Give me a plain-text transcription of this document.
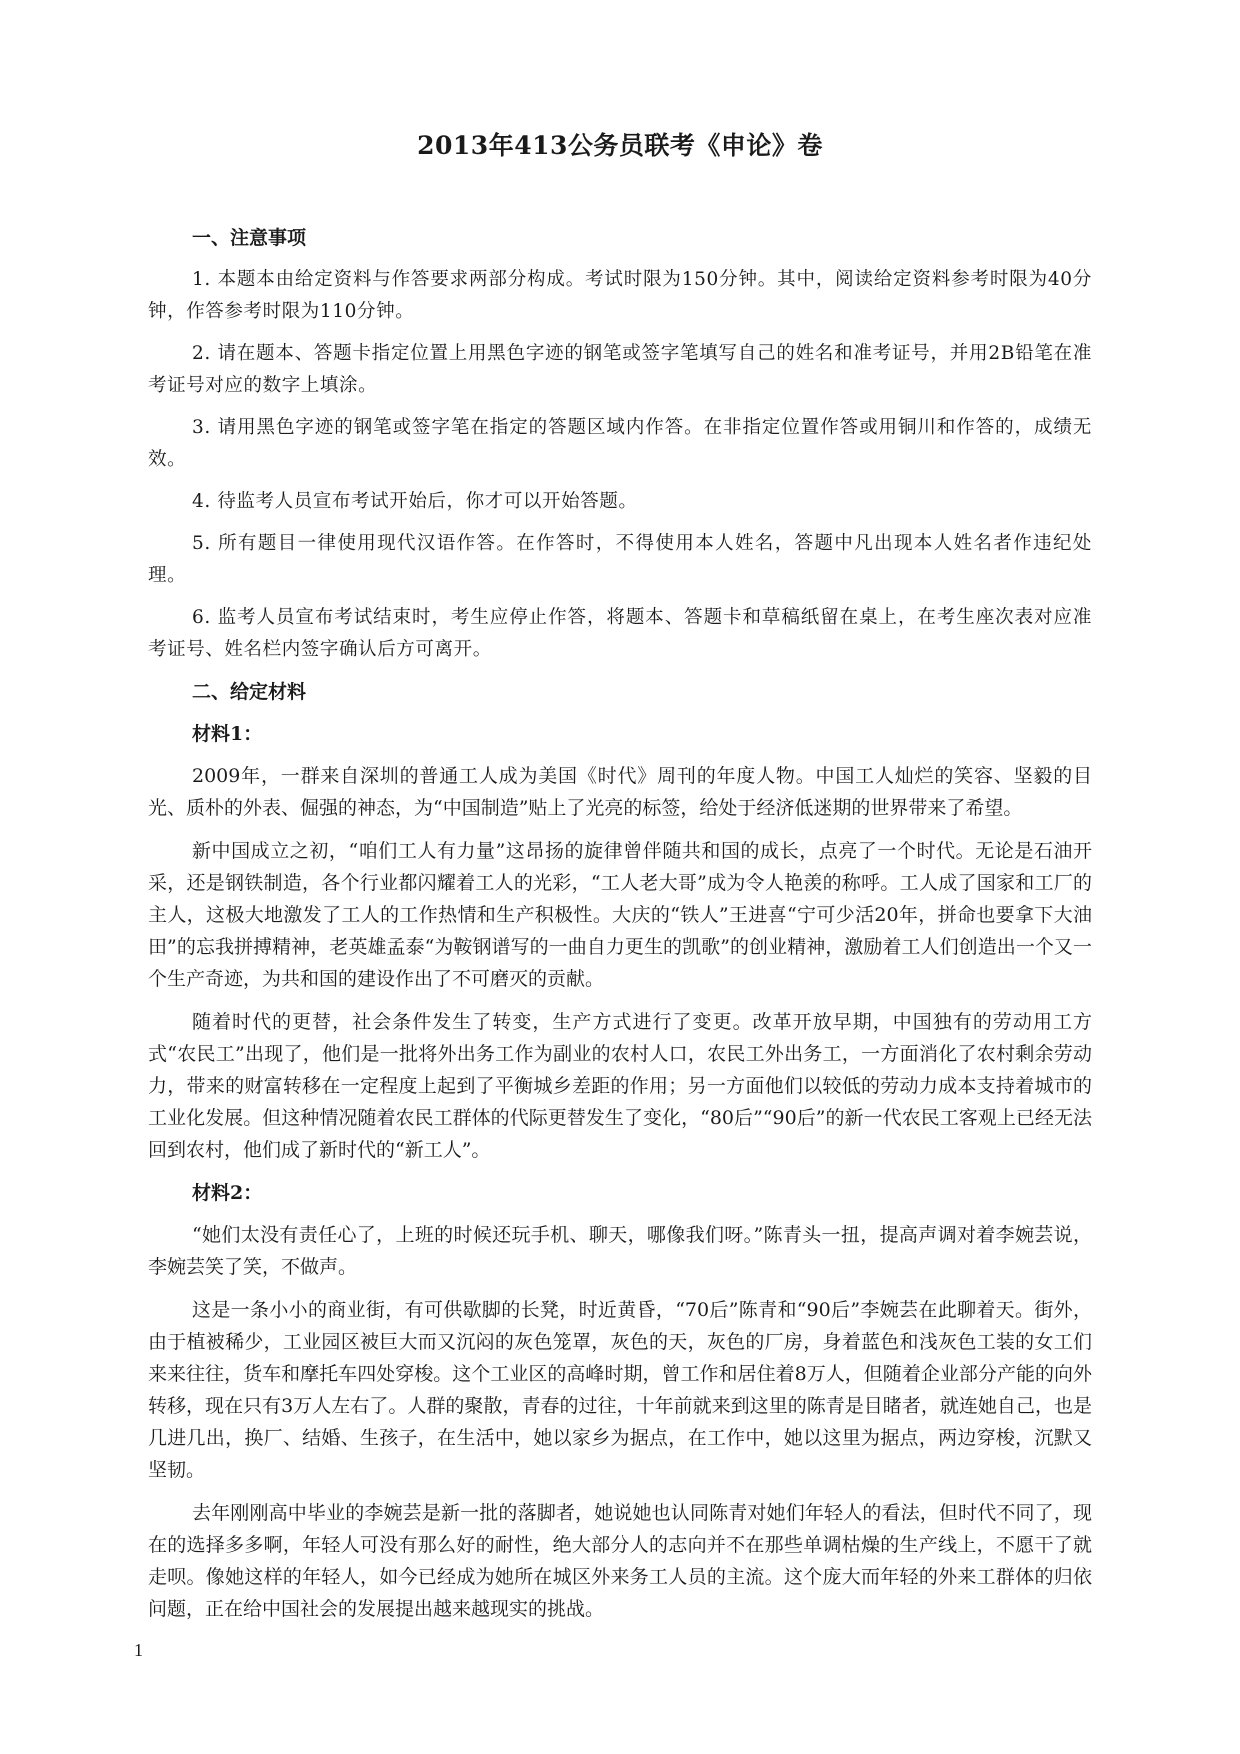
2013年413公务员联考《申论》卷

一、注意事项

1. 本题本由给定资料与作答要求两部分构成。考试时限为150分钟。其中，阅读给定资料参考时限为40分钟，作答参考时限为110分钟。

2. 请在题本、答题卡指定位置上用黑色字迹的钢笔或签字笔填写自己的姓名和准考证号，并用2B铅笔在准考证号对应的数字上填涂。

3. 请用黑色字迹的钢笔或签字笔在指定的答题区域内作答。在非指定位置作答或用铜川和作答的，成绩无效。

4. 待监考人员宣布考试开始后，你才可以开始答题。

5. 所有题目一律使用现代汉语作答。在作答时，不得使用本人姓名，答题中凡出现本人姓名者作违纪处理。

6. 监考人员宣布考试结束时，考生应停止作答，将题本、答题卡和草稿纸留在桌上，在考生座次表对应准考证号、姓名栏内签字确认后方可离开。

二、给定材料

材料1：

2009年，一群来自深圳的普通工人成为美国《时代》周刊的年度人物。中国工人灿烂的笑容、坚毅的目光、质朴的外表、倔强的神态，为“中国制造”贴上了光亮的标签，给处于经济低迷期的世界带来了希望。

新中国成立之初，“咱们工人有力量”这昂扬的旋律曾伴随共和国的成长，点亮了一个时代。无论是石油开采，还是钢铁制造，各个行业都闪耀着工人的光彩，“工人老大哥”成为令人艳羡的称呼。工人成了国家和工厂的主人，这极大地激发了工人的工作热情和生产积极性。大庆的“铁人”王进喜“宁可少活20年，拼命也要拿下大油田”的忘我拼搏精神，老英雄孟泰“为鞍钢谱写的一曲自力更生的凯歌”的创业精神，激励着工人们创造出一个又一个生产奇迹，为共和国的建设作出了不可磨灭的贡献。

随着时代的更替，社会条件发生了转变，生产方式进行了变更。改革开放早期，中国独有的劳动用工方式“农民工”出现了，他们是一批将外出务工作为副业的农村人口，农民工外出务工，一方面消化了农村剩余劳动力，带来的财富转移在一定程度上起到了平衡城乡差距的作用；另一方面他们以较低的劳动力成本支持着城市的工业化发展。但这种情况随着农民工群体的代际更替发生了变化，“80后”“90后”的新一代农民工客观上已经无法回到农村，他们成了新时代的“新工人”。

材料2：

“她们太没有责任心了，上班的时候还玩手机、聊天，哪像我们呀。”陈青头一扭，提高声调对着李婉芸说，李婉芸笑了笑，不做声。

这是一条小小的商业街，有可供歇脚的长凳，时近黄昏，“70后”陈青和“90后”李婉芸在此聊着天。街外，由于植被稀少，工业园区被巨大而又沉闷的灰色笼罩，灰色的天，灰色的厂房，身着蓝色和浅灰色工装的女工们来来往往，货车和摩托车四处穿梭。这个工业区的高峰时期，曾工作和居住着8万人，但随着企业部分产能的向外转移，现在只有3万人左右了。人群的聚散，青春的过往，十年前就来到这里的陈青是目睹者，就连她自己，也是几进几出，换厂、结婚、生孩子，在生活中，她以家乡为据点，在工作中，她以这里为据点，两边穿梭，沉默又坚韧。

去年刚刚高中毕业的李婉芸是新一批的落脚者，她说她也认同陈青对她们年轻人的看法，但时代不同了，现在的选择多多啊，年轻人可没有那么好的耐性，绝大部分人的志向并不在那些单调枯燥的生产线上，不愿干了就走呗。像她这样的年轻人，如今已经成为她所在城区外来务工人员的主流。这个庞大而年轻的外来工群体的归依问题，正在给中国社会的发展提出越来越现实的挑战。

1
